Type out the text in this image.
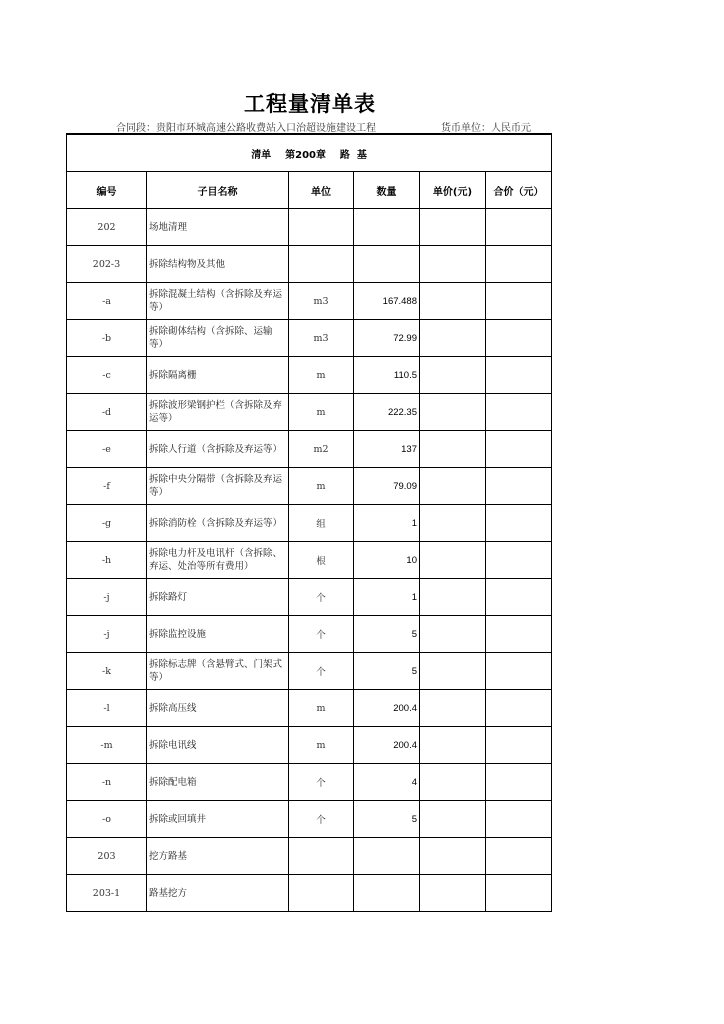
工程量清单表
合同段：贵阳市环城高速公路收费站入口治超设施建设工程	货币单位：人民币元
清单    第200章    路  基					
编号	子目名称	单位	数量	单价(元)	合价（元）
202	场地清理				
202-3	拆除结构物及其他				
-a	拆除混凝土结构（含拆除及弃运等）	m3	167.488		
-b	拆除砌体结构（含拆除、运输等）	m3	72.99		
-c	拆除隔离栅	m	110.5		
-d	拆除波形梁钢护栏（含拆除及弃运等）	m	222.35		
-e	拆除人行道（含拆除及弃运等）	m2	137		
-f	拆除中央分隔带（含拆除及弃运等）	m	79.09		
-g	拆除消防栓（含拆除及弃运等）	组	1		
-h	拆除电力杆及电讯杆（含拆除、弃运、处治等所有费用）	根	10		
-j	拆除路灯	个	1		
-j	拆除监控设施	个	5		
-k	拆除标志牌（含悬臂式、门架式等）	个	5		
-l	拆除高压线	m	200.4		
-m	拆除电讯线	m	200.4		
-n	拆除配电箱	个	4		
-o	拆除或回填井	个	5		
203	挖方路基				
203-1	路基挖方				
